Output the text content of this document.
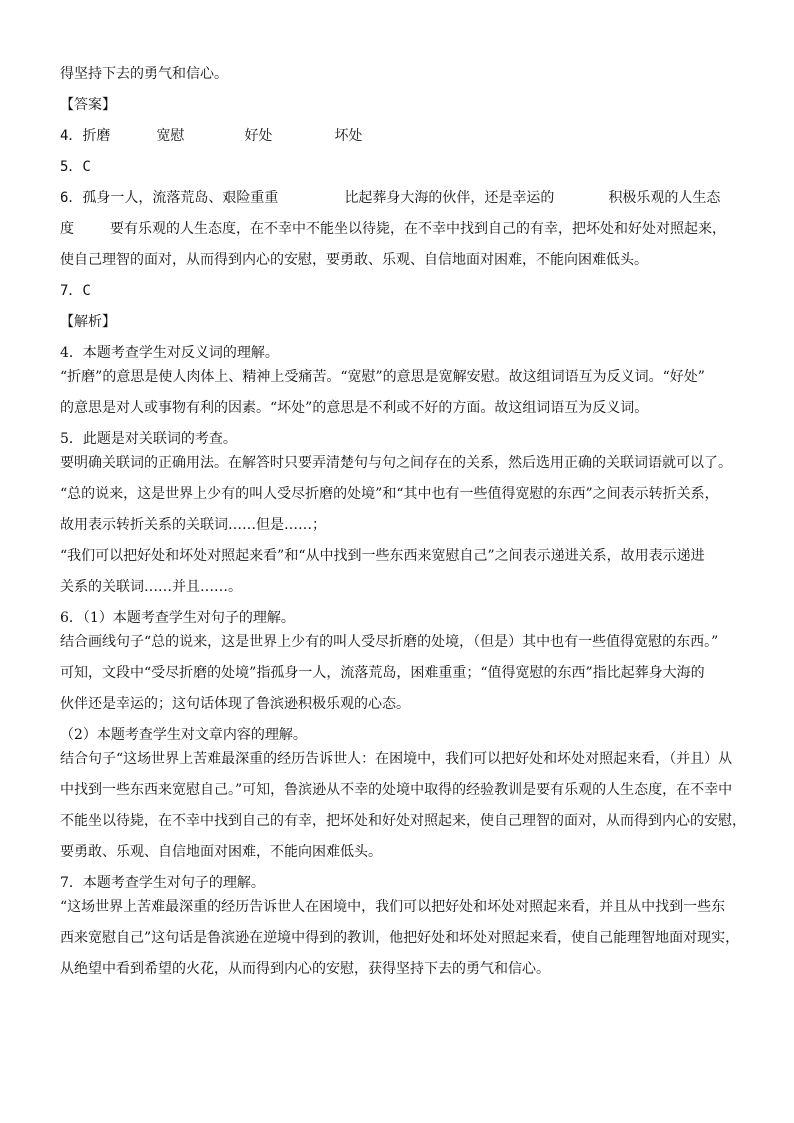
得坚持下去的勇气和信心。
【答案】
4．折磨	宽慰	好处	坏处
5．C
6．孤身一人，流落荒岛、艰险重重	比起葬身大海的伙伴，还是幸运的	积极乐观的人生态
度	要有乐观的人生态度，在不幸中不能坐以待毙，在不幸中找到自己的有幸，把坏处和好处对照起来，
使自己理智的面对，从而得到内心的安慰，要勇敢、乐观、自信地面对困难，不能向困难低头。
7．C
【解析】
4．本题考查学生对反义词的理解。
“折磨”的意思是使人肉体上、精神上受痛苦。“宽慰”的意思是宽解安慰。故这组词语互为反义词。“好处”
的意思是对人或事物有利的因素。“坏处”的意思是不利或不好的方面。故这组词语互为反义词。
5．此题是对关联词的考查。
要明确关联词的正确用法。在解答时只要弄清楚句与句之间存在的关系，然后选用正确的关联词语就可以了。
“总的说来，这是世界上少有的叫人受尽折磨的处境”和“其中也有一些值得宽慰的东西”之间表示转折关系，
故用表示转折关系的关联词……但是……；
“我们可以把好处和坏处对照起来看”和“从中找到一些东西来宽慰自己”之间表示递进关系，故用表示递进
关系的关联词……并且……。
6．（1）本题考查学生对句子的理解。
结合画线句子“总的说来，这是世界上少有的叫人受尽折磨的处境，（但是）其中也有一些值得宽慰的东西。”
可知，文段中“受尽折磨的处境”指孤身一人，流落荒岛，困难重重；“值得宽慰的东西”指比起葬身大海的
伙伴还是幸运的；这句话体现了鲁滨逊积极乐观的心态。
（2）本题考查学生对文章内容的理解。
结合句子“这场世界上苦难最深重的经历告诉世人：在困境中，我们可以把好处和坏处对照起来看，（并且）从
中找到一些东西来宽慰自己。”可知，鲁滨逊从不幸的处境中取得的经验教训是要有乐观的人生态度，在不幸中
不能坐以待毙，在不幸中找到自己的有幸，把坏处和好处对照起来，使自己理智的面对，从而得到内心的安慰，
要勇敢、乐观、自信地面对困难，不能向困难低头。
7．本题考查学生对句子的理解。
“这场世界上苦难最深重的经历告诉世人在困境中，我们可以把好处和坏处对照起来看，并且从中找到一些东
西来宽慰自己”这句话是鲁滨逊在逆境中得到的教训，他把好处和坏处对照起来看，使自己能理智地面对现实，
从绝望中看到希望的火花，从而得到内心的安慰，获得坚持下去的勇气和信心。
